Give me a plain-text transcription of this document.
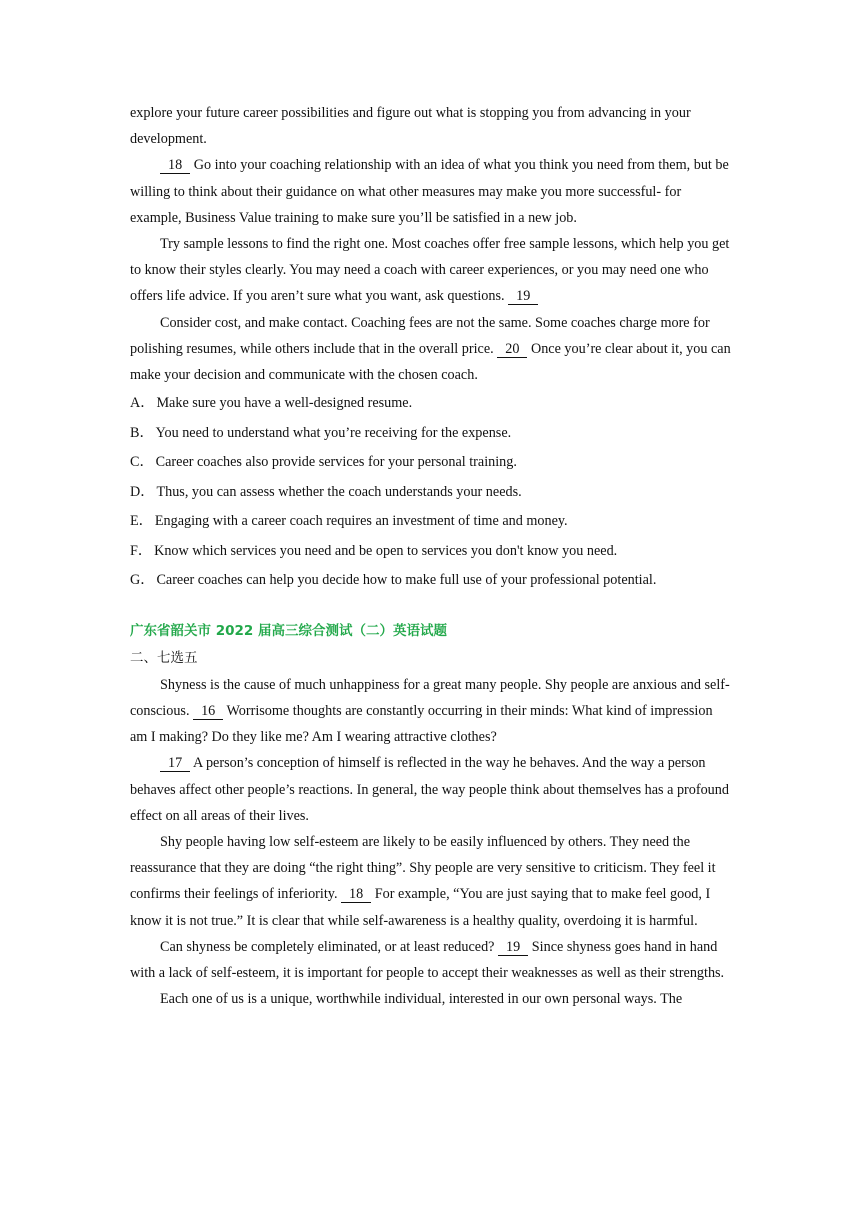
explore your future career possibilities and figure out what is stopping you from advancing in your development.

18 Go into your coaching relationship with an idea of what you think you need from them, but be willing to think about their guidance on what other measures may make you more successful- for example, Business Value training to make sure you’ll be satisfied in a new job.

Try sample lessons to find the right one. Most coaches offer free sample lessons, which help you get to know their styles clearly. You may need a coach with career experiences, or you may need one who offers life advice. If you aren’t sure what you want, ask questions. 19

Consider cost, and make contact. Coaching fees are not the same. Some coaches charge more for polishing resumes, while others include that in the overall price. 20 Once you’re clear about it, you can make your decision and communicate with the chosen coach.

A． Make sure you have a well-designed resume.

B． You need to understand what you’re receiving for the expense.

C． Career coaches also provide services for your personal training.

D． Thus, you can assess whether the coach understands your needs.

E． Engaging with a career coach requires an investment of time and money.

F． Know which services you need and be open to services you don't know you need.

G． Career coaches can help you decide how to make full use of your professional potential.

广东省韶关市 2022 届高三综合测试（二）英语试题

二、七选五

Shyness is the cause of much unhappiness for a great many people. Shy people are anxious and self-conscious. 16 Worrisome thoughts are constantly occurring in their minds: What kind of impression am I making? Do they like me? Am I wearing attractive clothes?

17 A person’s conception of himself is reflected in the way he behaves. And the way a person behaves affect other people’s reactions. In general, the way people think about themselves has a profound effect on all areas of their lives.

Shy people having low self-esteem are likely to be easily influenced by others. They need the reassurance that they are doing “the right thing”. Shy people are very sensitive to criticism. They feel it confirms their feelings of inferiority. 18 For example, “You are just saying that to make feel good, I know it is not true.” It is clear that while self-awareness is a healthy quality, overdoing it is harmful.

Can shyness be completely eliminated, or at least reduced? 19 Since shyness goes hand in hand with a lack of self-esteem, it is important for people to accept their weaknesses as well as their strengths.

Each one of us is a unique, worthwhile individual, interested in our own personal ways. The
